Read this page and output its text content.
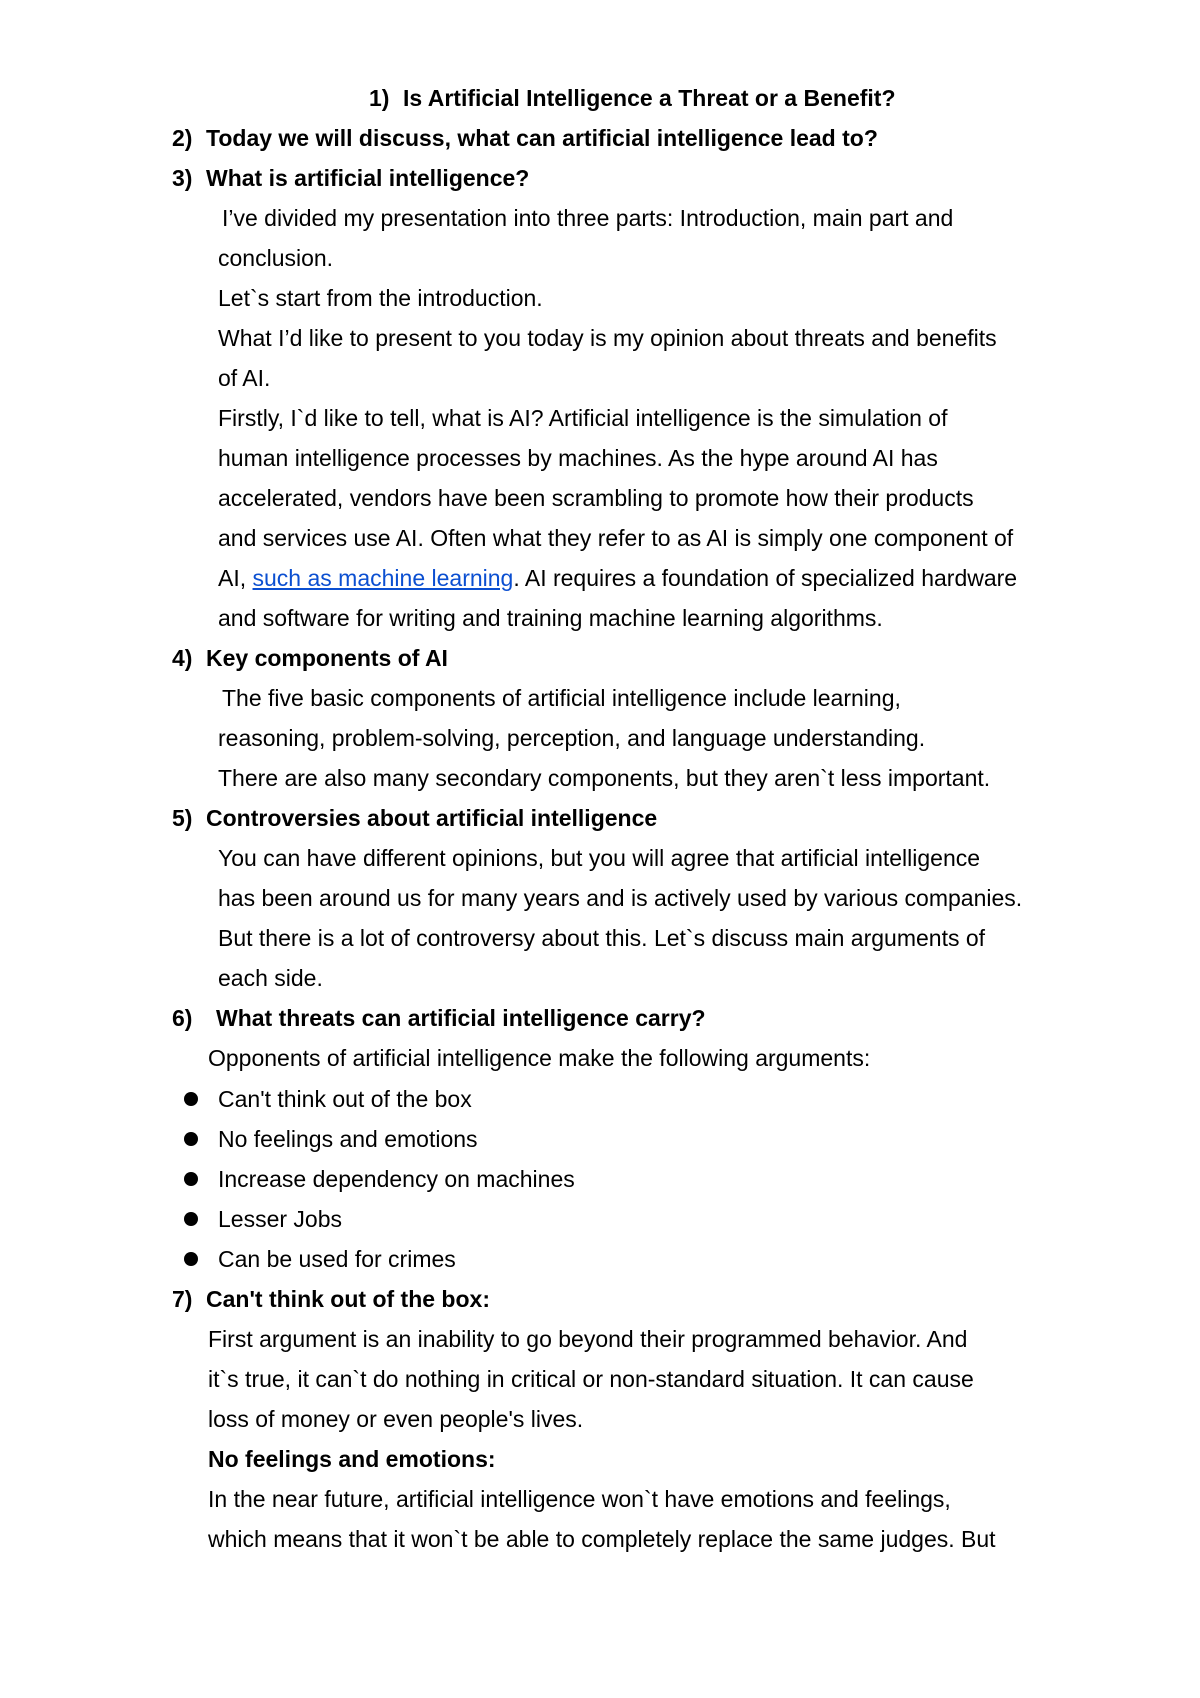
1) Is Artificial Intelligence a Threat or a Benefit?
2) Today we will discuss, what can artificial intelligence lead to?
3) What is artificial intelligence?
I’ve divided my presentation into three parts: Introduction, main part and
conclusion.
Let`s start from the introduction.
What I’d like to present to you today is my opinion about threats and benefits
of AI.
Firstly, I`d like to tell, what is AI? Artificial intelligence is the simulation of
human intelligence processes by machines. As the hype around AI has
accelerated, vendors have been scrambling to promote how their products
and services use AI. Often what they refer to as AI is simply one component of
AI, such as machine learning. AI requires a foundation of specialized hardware
and software for writing and training machine learning algorithms.
4) Key components of AI
The five basic components of artificial intelligence include learning,
reasoning, problem-solving, perception, and language understanding.
There are also many secondary components, but they aren`t less important.
5) Controversies about artificial intelligence
You can have different opinions, but you will agree that artificial intelligence
has been around us for many years and is actively used by various companies.
But there is a lot of controversy about this. Let`s discuss main arguments of
each side.
6) What threats can artificial intelligence carry?
Opponents of artificial intelligence make the following arguments:
Can't think out of the box
No feelings and emotions
Increase dependency on machines
Lesser Jobs
Can be used for crimes
7) Can't think out of the box:
First argument is an inability to go beyond their programmed behavior. And
it`s true, it can`t do nothing in critical or non-standard situation. It can cause
loss of money or even people's lives.
No feelings and emotions:
In the near future, artificial intelligence won`t have emotions and feelings,
which means that it won`t be able to completely replace the same judges. But
